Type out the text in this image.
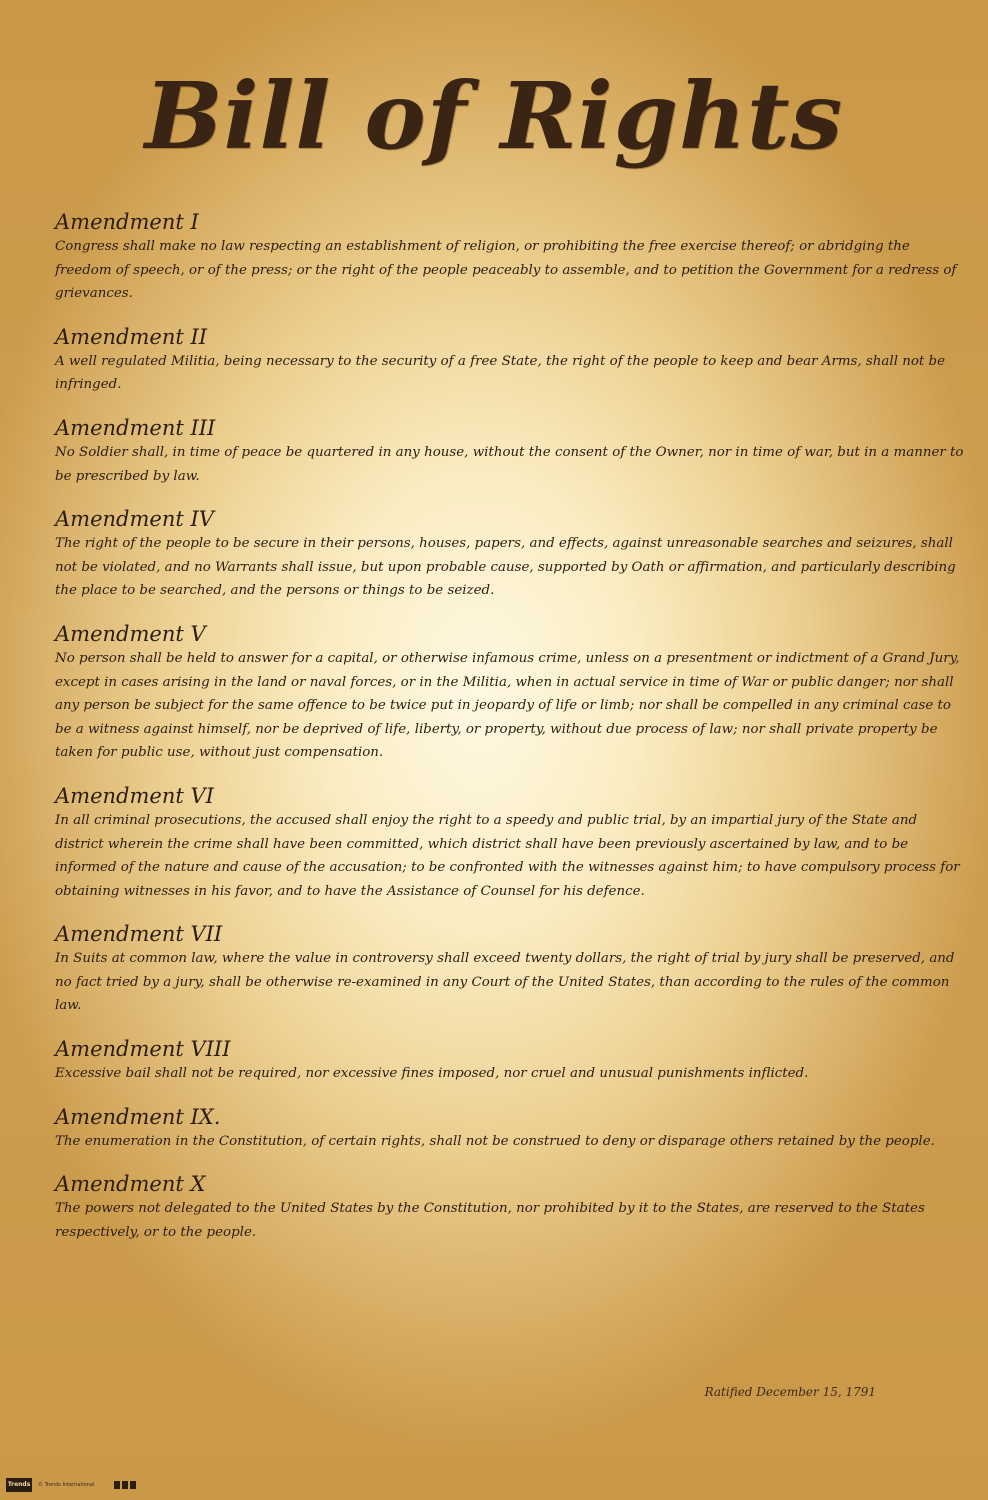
Bill of Rights
Amendment I
Congress shall make no law respecting an establishment of religion, or prohibiting the free exercise thereof; or abridging the freedom of speech, or of the press; or the right of the people peaceably to assemble, and to petition the Government for a redress of grievances.
Amendment II
A well regulated Militia, being necessary to the security of a free State, the right of the people to keep and bear Arms, shall not be infringed.
Amendment III
No Soldier shall, in time of peace be quartered in any house, without the consent of the Owner, nor in time of war, but in a manner to be prescribed by law.
Amendment IV
The right of the people to be secure in their persons, houses, papers, and effects, against unreasonable searches and seizures, shall not be violated, and no Warrants shall issue, but upon probable cause, supported by Oath or affirmation, and particularly describing the place to be searched, and the persons or things to be seized.
Amendment V
No person shall be held to answer for a capital, or otherwise infamous crime, unless on a presentment or indictment of a Grand Jury, except in cases arising in the land or naval forces, or in the Militia, when in actual service in time of War or public danger; nor shall any person be subject for the same offence to be twice put in jeopardy of life or limb; nor shall be compelled in any criminal case to be a witness against himself, nor be deprived of life, liberty, or property, without due process of law; nor shall private property be taken for public use, without just compensation.
Amendment VI
In all criminal prosecutions, the accused shall enjoy the right to a speedy and public trial, by an impartial jury of the State and district wherein the crime shall have been committed, which district shall have been previously ascertained by law, and to be informed of the nature and cause of the accusation; to be confronted with the witnesses against him; to have compulsory process for obtaining witnesses in his favor, and to have the Assistance of Counsel for his defence.
Amendment VII
In Suits at common law, where the value in controversy shall exceed twenty dollars, the right of trial by jury shall be preserved, and no fact tried by a jury, shall be otherwise re-examined in any Court of the United States, than according to the rules of the common law.
Amendment VIII
Excessive bail shall not be required, nor excessive fines imposed, nor cruel and unusual punishments inflicted.
Amendment IX.
The enumeration in the Constitution, of certain rights, shall not be construed to deny or disparage others retained by the people.
Amendment X
The powers not delegated to the United States by the Constitution, nor prohibited by it to the States, are reserved to the States respectively, or to the people.
Ratified December 15, 1791
Trends	© Trends International
